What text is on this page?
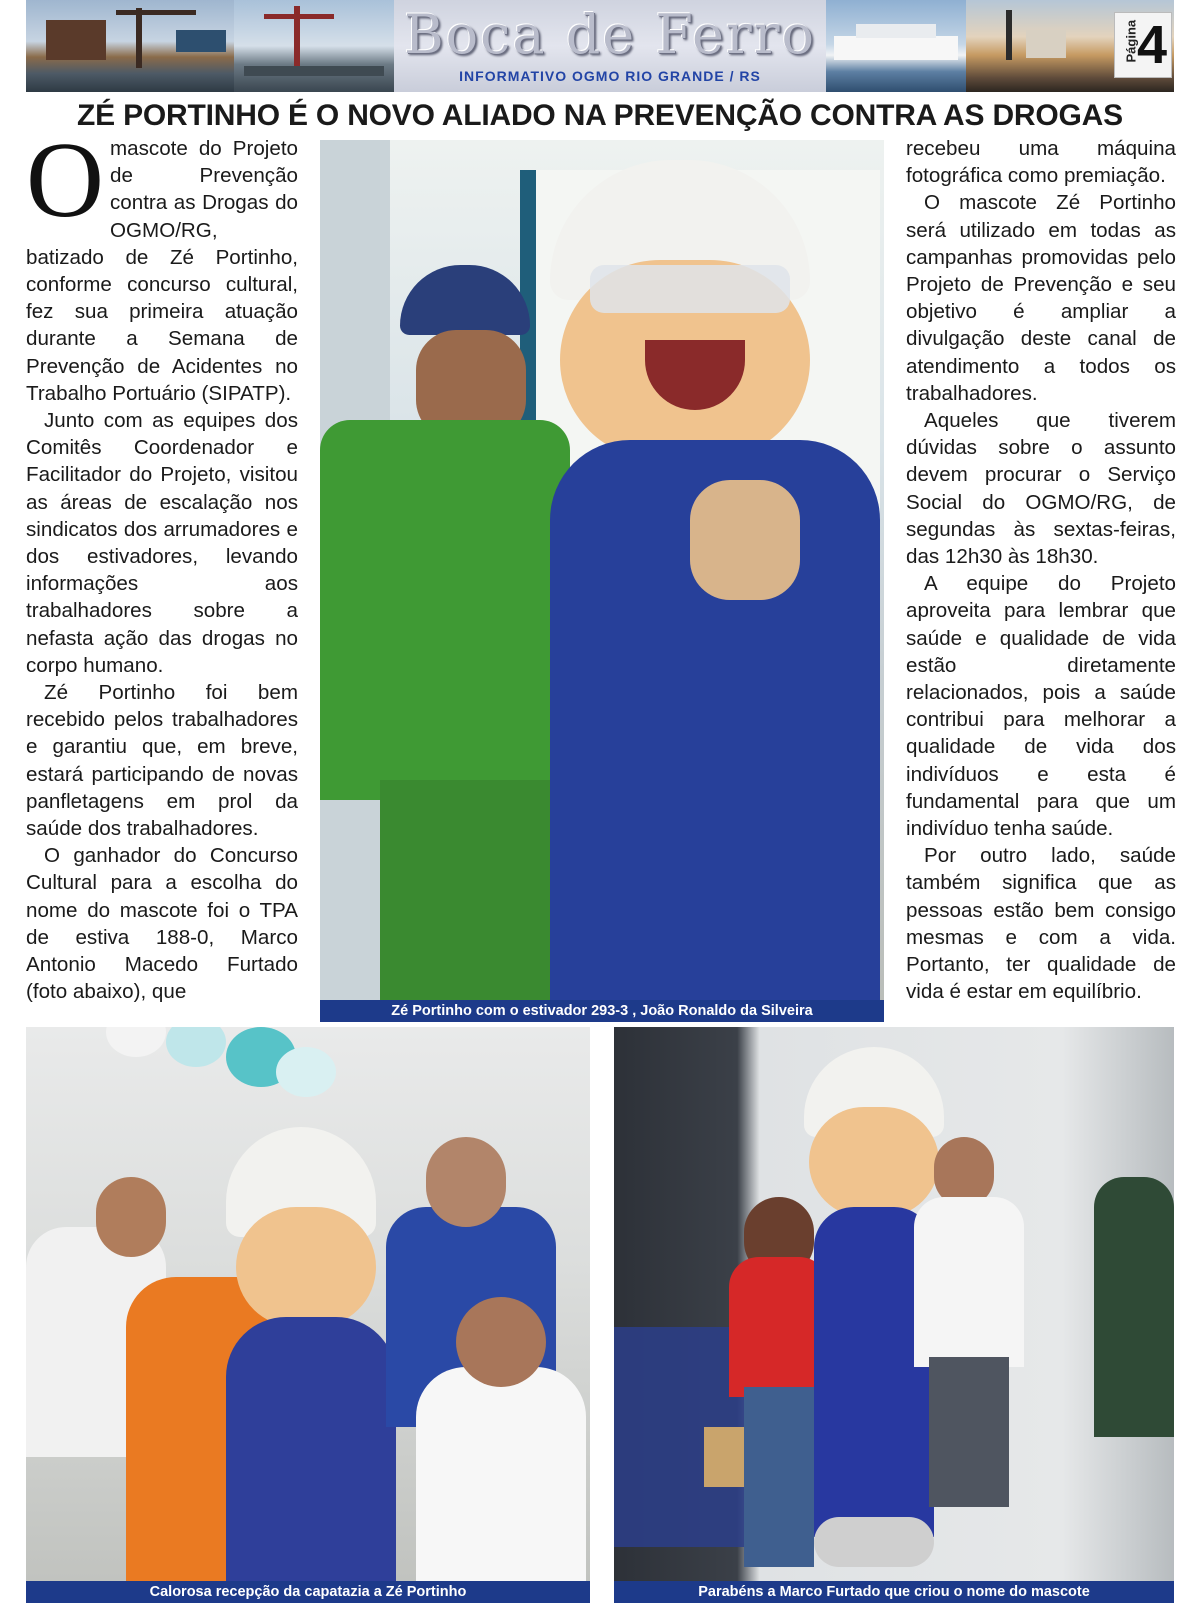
Boca de Ferro
INFORMATIVO OGMO RIO GRANDE / RS
Página
4
ZÉ PORTINHO É O NOVO ALIADO NA PREVENÇÃO CONTRA AS DROGAS

Omascote do Projeto de Prevenção contra as Drogas do OGMO/RG, batizado de Zé Portinho, conforme concurso cultural, fez sua primeira atuação durante a Semana de Prevenção de Acidentes no Trabalho Portuário (SIPATP).

Junto com as equipes dos Comitês Coordenador e Facilitador do Projeto, visitou as áreas de escalação nos sindicatos dos arrumadores e dos estivadores, levando informações aos trabalhadores sobre a nefasta ação das drogas no corpo humano.

Zé Portinho foi bem recebido pelos trabalhadores e garantiu que, em breve, estará participando de novas panfletagens em prol da saúde dos trabalhadores.

O ganhador do Concurso Cultural para a escolha do nome do mascote foi o TPA de estiva 188-0, Marco Antonio Macedo Furtado (foto abaixo), que

Zé Portinho com o estivador 293-3 , João Ronaldo da Silveira

recebeu uma máquina fotográfica como premiação.

O mascote Zé Portinho será utilizado em todas as campanhas promovidas pelo Projeto de Prevenção e seu objetivo é ampliar a divulgação deste canal de atendimento a todos os trabalhadores.

Aqueles que tiverem dúvidas sobre o assunto devem procurar o Serviço Social do OGMO/RG, de segundas às sextas-feiras, das 12h30 às 18h30.

A equipe do Projeto aproveita para lembrar que saúde e qualidade de vida estão diretamente relacionados, pois a saúde contribui para melhorar a qualidade de vida dos indivíduos e esta é fundamental para que um indivíduo tenha saúde.

Por outro lado, saúde também significa que as pessoas estão bem consigo mesmas e com a vida. Portanto, ter qualidade de vida é estar em equilíbrio.

Calorosa recepção da capatazia a Zé Portinho	Parabéns a Marco Furtado que criou o nome do mascote
